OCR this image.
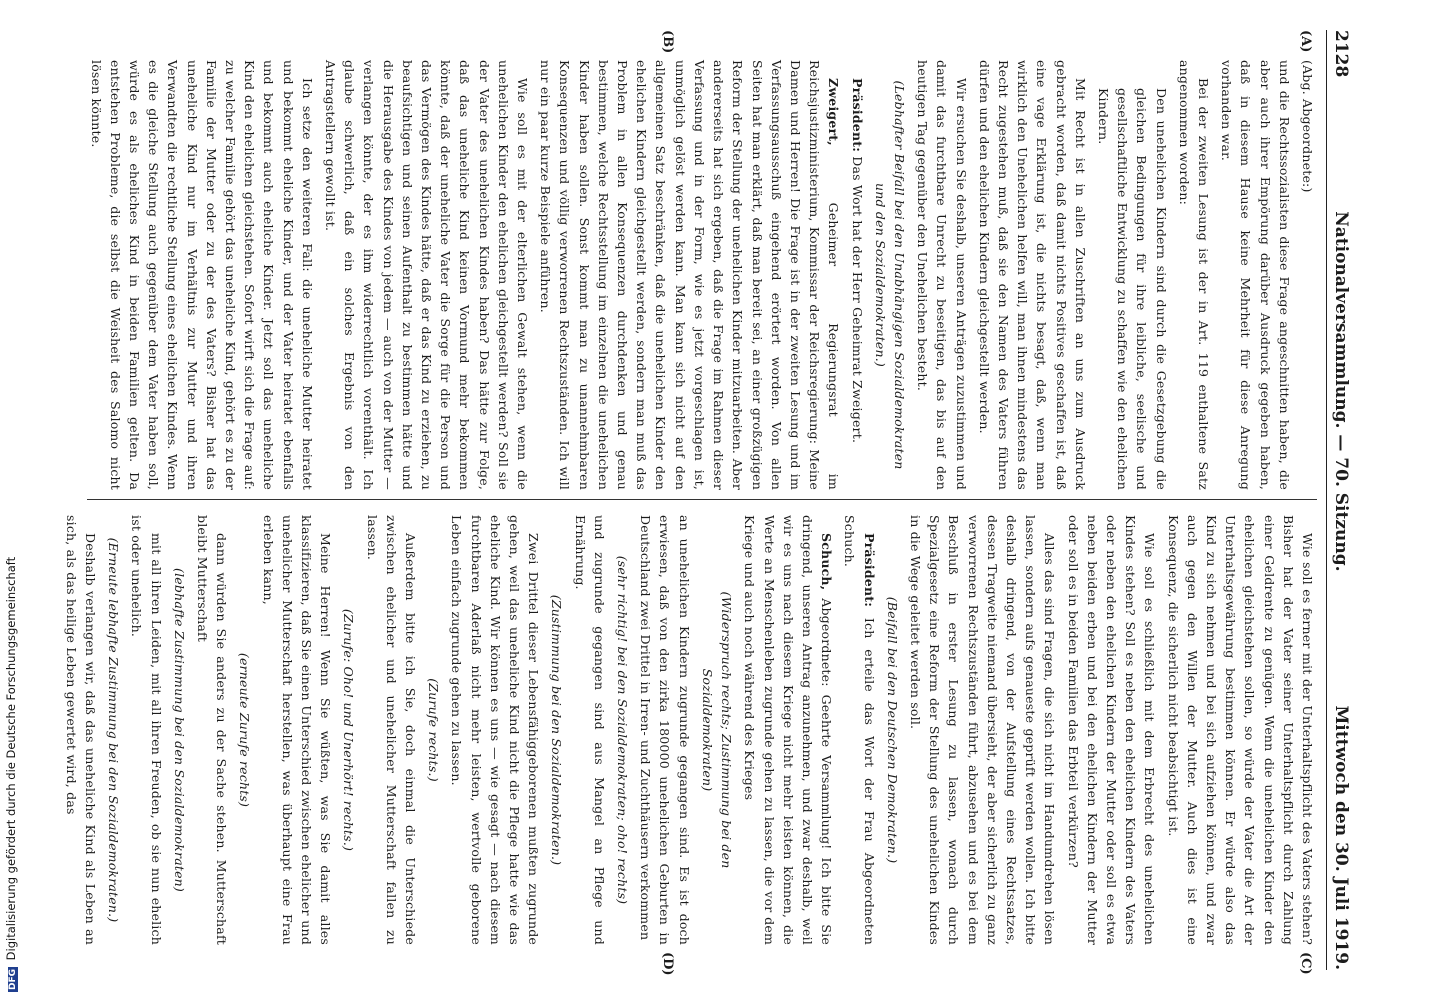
2128
Nationalversammlung. — 70. Sitzung.
Mittwoch den 30. Juli 1919.
(A)
(B)
(C)
(D)

(Abg. Abgeordnete:)

und die Rechtssozialisten diese Frage angeschnitten haben, die aber auch ihrer Empörung darüber Ausdruck gegeben haben, daß in diesem Hause keine Mehrheit für diese Anregung vorhanden war.

Bei der zweiten Lesung ist der in Art. 119 enthaltene Satz angenommen worden:

Den unehelichen Kindern sind durch die Gesetzgebung die gleichen Bedingungen für ihre leibliche, seelische und gesellschaftliche Entwicklung zu schaffen wie den ehelichen Kindern.

Mit Recht ist in allen Zuschriften an uns zum Ausdruck gebracht worden, daß damit nichts Positives geschaffen ist, daß eine vage Erklärung ist, die nichts besagt, daß, wenn man wirklich den Unehelichen helfen will, man ihnen mindestens das Recht zugestehen muß, daß sie den Namen des Vaters führen dürfen und den ehelichen Kindern gleichgestellt werden.

Wir ersuchen Sie deshalb, unseren Anträgen zuzustimmen und damit das furchtbare Unrecht zu beseitigen, das bis auf den heutigen Tag gegenüber den Unehelichen besteht.

(Lebhafter Beifall bei den Unabhängigen Sozialdemokraten und den Sozialdemokraten.)

Präsident: Das Wort hat der Herr Geheimrat Zweigert.

Zweigert, Geheimer Regierungsrat im Reichsjustizministerium, Kommissar der Reichsregierung: Meine Damen und Herren! Die Frage ist in der zweiten Lesung und im Verfassungsausschuß eingehend erörtert worden. Von allen Seiten hat man erklärt, daß man bereit sei, an einer großzügigen Reform der Stellung der unehelichen Kinder mitzuarbeiten. Aber andererseits hat sich ergeben, daß die Frage im Rahmen dieser Verfassung und in der Form, wie es jetzt vorgeschlagen ist, unmöglich gelöst werden kann. Man kann sich nicht auf den allgemeinen Satz beschränken, daß die unehelichen Kinder den ehelichen Kindern gleichgestellt werden, sondern man muß das Problem in allen Konsequenzen durchdenken und genau bestimmen, welche Rechtsstellung im einzelnen die unehelichen Kinder haben sollen. Sonst kommt man zu unannehmbaren Konsequenzen und völlig verworrenen Rechtszuständen. Ich will nur ein paar kurze Beispiele anführen.

Wie soll es mit der elterlichen Gewalt stehen, wenn die unehelichen Kinder den ehelichen gleichgestellt werden? Soll sie der Vater des unehelichen Kindes haben? Das hätte zur Folge, daß das uneheliche Kind keinen Vormund mehr bekommen könnte, daß der uneheliche Vater die Sorge für die Person und das Vermögen des Kindes hätte, daß er das Kind zu erziehen, zu beaufsichtigen und seinen Aufenthalt zu bestimmen hätte und die Herausgabe des Kindes von jedem — auch von der Mutter — verlangen könnte, der es ihm widerrechtlich vorenthält. Ich glaube schwerlich, daß ein solches Ergebnis von den Antragstellern gewollt ist.

Ich setze den weiteren Fall: die uneheliche Mutter heiratet und bekommt eheliche Kinder, und der Vater heiratet ebenfalls und bekommt auch eheliche Kinder. Jetzt soll das uneheliche Kind den ehelichen gleichstehen. Sofort wirft sich die Frage auf: zu welcher Familie gehört das uneheliche Kind, gehört es zu der Familie der Mutter oder zu der des Vaters? Bisher hat das uneheliche Kind nur im Verhältnis zur Mutter und ihren Verwandten die rechtliche Stellung eines ehelichen Kindes. Wenn es die gleiche Stellung auch gegenüber dem Vater haben soll, würde es als eheliches Kind in beiden Familien gelten. Da entstehen Probleme, die selbst die Weisheit des Salomo nicht lösen könnte.

Wie soll es ferner mit der Unterhaltspflicht des Vaters stehen? Bisher hat der Vater seiner Unterhaltspflicht durch Zahlung einer Geldrente zu genügen. Wenn die unehelichen Kinder den ehelichen gleichstehen sollen, so würde der Vater die Art der Unterhaltsgewährung bestimmen können. Er würde also das Kind zu sich nehmen und bei sich aufziehen können, und zwar auch gegen den Willen der Mutter. Auch dies ist eine Konsequenz, die sicherlich nicht beabsichtigt ist.

Wie soll es schließlich mit dem Erbrecht des unehelichen Kindes stehen? Soll es neben den ehelichen Kindern des Vaters oder neben den ehelichen Kindern der Mutter oder soll es etwa neben beiden erben und bei den ehelichen Kindern der Mutter oder soll es in beiden Familien das Erbteil verkürzen?

Alles das sind Fragen, die sich nicht im Handumdrehen lösen lassen, sondern aufs genaueste geprüft werden wollen. Ich bitte deshalb dringend, von der Aufstellung eines Rechtssatzes, dessen Tragweite niemand übersieht, der aber sicherlich zu ganz verworrenen Rechtszuständen führt, abzusehen und es bei dem Beschluß in erster Lesung zu lassen, wonach durch Spezialgesetz eine Reform der Stellung des unehelichen Kindes in die Wege geleitet werden soll.

(Beifall bei den Deutschen Demokraten.)

Präsident: Ich erteile das Wort der Frau Abgeordneten Schuch.

Schuch, Abgeordnete: Geehrte Versammlung! Ich bitte Sie dringend, unseren Antrag anzunehmen, und zwar deshalb, weil wir es uns nach diesem Kriege nicht mehr leisten können, die Werte an Menschenleben zugrunde gehen zu lassen, die vor dem Kriege und auch noch während des Krieges

(Widerspruch rechts; Zustimmung bei den Sozialdemokraten)

an unehelichen Kindern zugrunde gegangen sind. Es ist doch erwiesen, daß von den zirka 180000 unehelichen Geburten in Deutschland zwei Drittel in Irren- und Zuchthäusern verkommen

(sehr richtig! bei den Sozialdemokraten; oho! rechts)

und zugrunde gegangen sind aus Mangel an Pflege und Ernährung.

(Zustimmung bei den Sozialdemokraten.)

Zwei Drittel dieser Lebensfähiggeborenen mußten zugrunde gehen, weil das uneheliche Kind nicht die Pflege hatte wie das eheliche Kind. Wir können es uns — wie gesagt — nach diesem furchtbaren Aderlaß nicht mehr leisten, wertvolle geborene Leben einfach zugrunde gehen zu lassen.

(Zurufe rechts.)

Außerdem bitte ich Sie, doch einmal die Unterschiede zwischen ehelicher und unehelicher Mutterschaft fallen zu lassen.

(Zurufe: Oho! und Unerhört! rechts.)

Meine Herren! Wenn Sie wüßten, was Sie damit alles klassifizieren, daß Sie einen Unterschied zwischen ehelicher und unehelicher Mutterschaft herstellen, was überhaupt eine Frau erleben kann,

(erneute Zurufe rechts)

dann würden Sie anders zu der Sache stehen. Mutterschaft bleibt Mutterschaft

(lebhafte Zustimmung bei den Sozialdemokraten)

mit all ihren Leiden, mit all ihren Freuden, ob sie nun ehelich ist oder unehelich.

(Erneute lebhafte Zustimmung bei den Sozialdemokraten.)

Deshalb verlangen wir, daß das uneheliche Kind als Leben an sich, als das heilige Leben gewertet wird, das

DFG Digitalisierung gefördert durch die Deutsche Forschungsgemeinschaft
